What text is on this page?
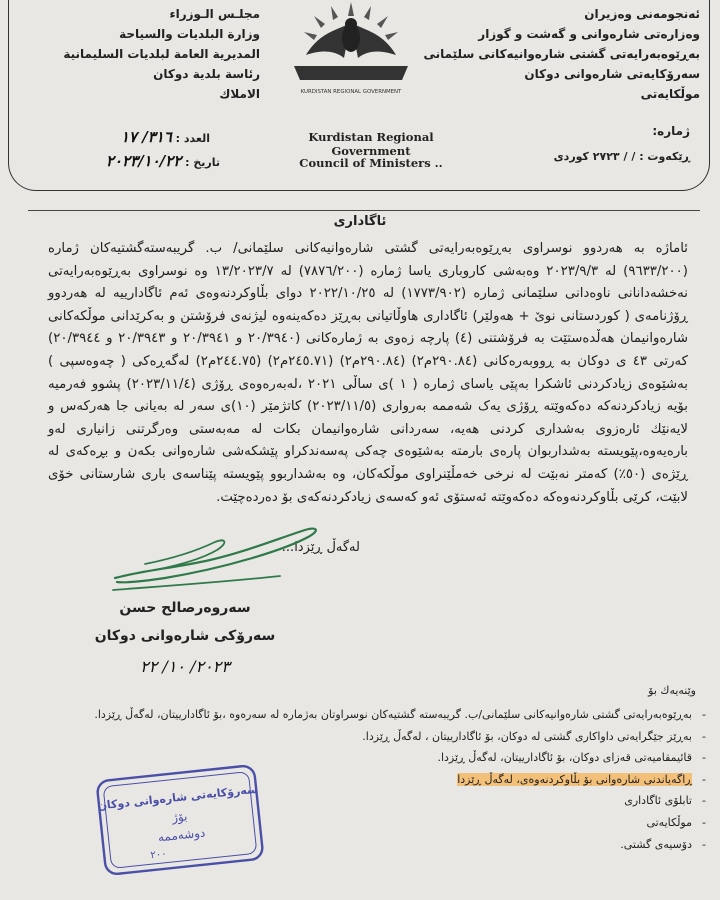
ئه‌نجومه‌نی وه‌زیران
وەزارەتی شارەوانی و گەشت و گوزار
بەڕێوەبەرایەتی گشتی شارەوانیەکانی سلێمانی
سەرۆکایەتی شارەوانی دوکان
موڵکایەتی
مجلـس الـوزراء
وزارة البلديات والسياحة
المديرية العامة لبلديات السليمانية
رئاسة بلدية دوكان
الاملاك	KURDISTAN REGIONAL GOVERNMENT
Kurdistan Regional Government
Council of Ministers ..
العدد : ٣١٦/ ١٧
تاريخ : ٢٠٢٣/١٠/٢٢
ژمارە:
ڕێکەوت : / / ٢٧٢٣ کوردی
ئاگاداری

ئاماژە بە هەردوو نوسراوی بەڕێوەبەرایەتی گشتی شارەوانیەکانی سلێمانی/ ب. گریبەستەگشتیەکان ژمارە (٩٦٣٣/٢٠٠) لە ٢٠٢٣/٩/٣ وەبەشی کاروباری یاسا ژمارە (٧٨٧٦/٢٠٠) لە ١٣/٢٠٢٣/٧ وە نوسراوی بەڕێوەبەرایەتی نەخشەدانانی ناوەدانی سلێمانی ژمارە (١٧٧٣/٩٠٢) لە ٢٠٢٢/١٠/٢٥ دوای بڵاوکردنەوەی ئەم ئاگادارییە لە هەردوو ڕۆژنامەی ( کوردستانی نوێ + هەولێر) ئاگاداری هاوڵاتیانی بەڕێز دەکەینەوە لیژنەی فرۆشتن و بەکرێدانی موڵکەکانی شارەوانیمان هەڵدەستێت بە فرۆشتنی (٤) پارچە زەوی بە ژمارەکانی (٢٠/٣٩٤٠ و ٢٠/٣٩٤١ و ٢٠/٣٩٤٣ و ٢٠/٣٩٤٤) کەرتی ٤٣ ی دوکان بە ڕووبەرەکانی (٢٩٠.٨٤م٢) (٢٩٠.٨٤م٢) (٢٤٥.٧١م٢) (٢٤٤.٧٥م٢) لەگەڕەکی ( چەوەسپی ) بەشێوەی زیادکردنی ئاشکرا بەپێی یاسای ژمارە ( ١ )ی ساڵی ٢٠٢١ ،لەبەرەوەی ڕۆژی (٢٠٢٣/١١/٤) پشوو فەرمیە بۆیە زیادکردنەکە دەکەوێتە ڕۆژی یەک شەممە بەرواری (٢٠٢٣/١١/٥) کاتژمێر (١٠)ی سەر لە بەیانی جا هەرکەس و لایەنێك ئارەزوی بەشداری کردنی هەیە، سەردانی شارەوانیمان بکات لە مەبەستی وەرگرتنی زانیاری لەو بارەیەوە،پێویستە بەشداربوان پارەی بارمتە بەشێوەی چەکی پەسەندکراو پێشکەشی شارەوانی بکەن و بڕەکەی لە ڕێژەی (٥٠٪) کەمتر نەبێت لە نرخی خەمڵێنراوی موڵکەکان، وە بەشداربوو پێویستە پێناسەی باری شارستانی خۆی لابێت، کرێی بڵاوکردنەوەکە دەکەوێتە ئەستۆی ئەو کەسەی زیادکردنەکەی بۆ دەردەچێت.

لەگەڵ ڕێزدا...
سەروەرصالح حسن
سەرۆکی شارەوانی دوکان
٢٠٢٣/ ١٠/ ٢٢
وێنەیەك بۆ
- بەڕێوەبەرایەتی گشتی شارەوانیەکانی سلێمانی/ب. گریبەستە گشتیەکان نوسراوتان بەژمارە لە سەرەوە ،بۆ ئاگادارییتان، لەگەڵ ڕێزدا.
- بەڕێز جێگرایەتی داواکاری گشتی لە دوکان، بۆ ئاگادارییتان ، لەگەڵ ڕێزدا.
- قائیمقامیەتی قەزای دوکان، بۆ ئاگادارییتان، لەگەڵ ڕێزدا.
- ڕاگەیاندنی شارەوانی بۆ بڵاوکردنەوەی، لەگەڵ ڕێزدا
- تابلۆی ئاگاداری
- موڵکایەتی
- دۆسیەی گشتی.
سەرۆکایەتی شارەوانی دوکان
بۆژ
دوشەممە
٢٠٠
